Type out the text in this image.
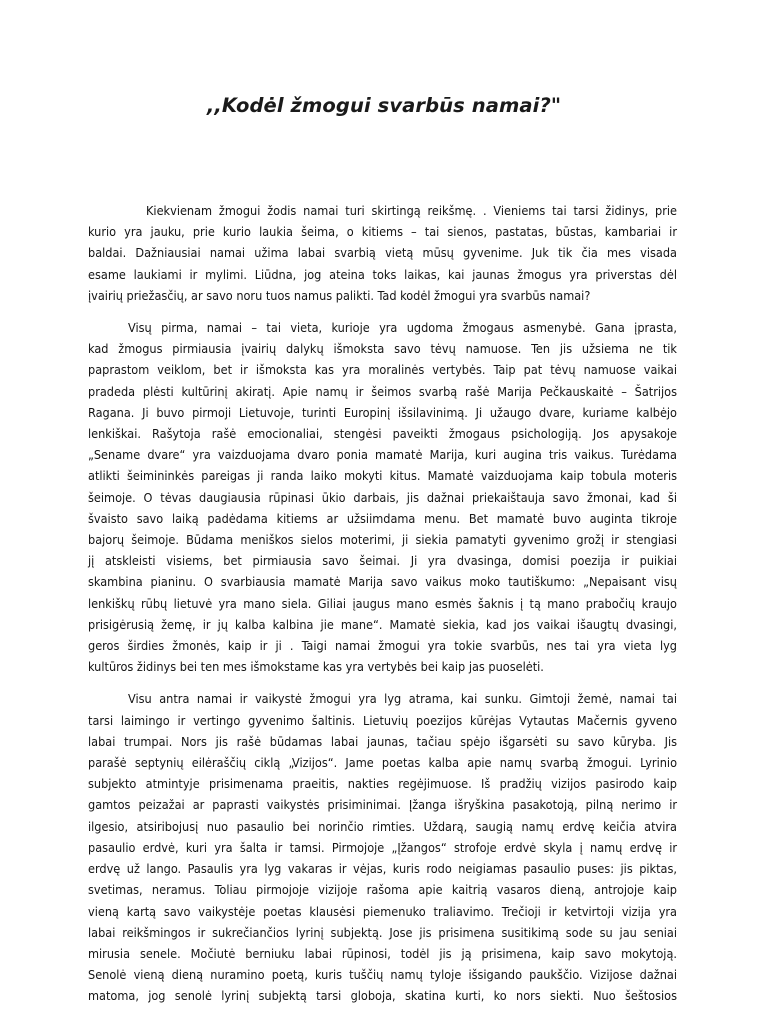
,,Kodėl žmogui svarbūs namai?"
Kiekvienam žmogui žodis namai turi skirtingą reikšmę. . Vieniems tai tarsi židinys, prie
kurio yra jauku, prie kurio laukia šeima, o kitiems – tai sienos, pastatas, būstas, kambariai ir
baldai. Dažniausiai namai užima labai svarbią vietą mūsų gyvenime. Juk tik čia mes visada
esame laukiami ir mylimi. Liūdna, jog ateina toks laikas, kai jaunas žmogus yra priverstas dėl
įvairių priežasčių, ar savo noru tuos namus palikti. Tad kodėl žmogui yra svarbūs namai?
Visų pirma, namai – tai vieta, kurioje yra ugdoma žmogaus asmenybė. Gana įprasta,
kad žmogus pirmiausia įvairių dalykų išmoksta savo tėvų namuose. Ten jis užsiema ne tik
paprastom veiklom, bet ir išmoksta kas yra moralinės vertybės. Taip pat tėvų namuose vaikai
pradeda plėsti kultūrinį akiratį. Apie namų ir šeimos svarbą rašė Marija Pečkauskaitė – Šatrijos
Ragana. Ji buvo pirmoji Lietuvoje, turinti Europinį išsilavinimą. Ji užaugo dvare, kuriame kalbėjo
lenkiškai. Rašytoja rašė emocionaliai, stengėsi paveikti žmogaus psichologiją. Jos apysakoje
„Sename dvare“ yra vaizduojama dvaro ponia mamatė Marija, kuri augina tris vaikus. Turėdama
atlikti šeimininkės pareigas ji randa laiko mokyti kitus. Mamatė vaizduojama kaip tobula moteris
šeimoje. O tėvas daugiausia rūpinasi ūkio darbais, jis dažnai priekaištauja savo žmonai, kad ši
švaisto savo laiką padėdama kitiems ar užsiimdama menu. Bet mamatė buvo auginta tikroje
bajorų šeimoje. Būdama meniškos sielos moterimi, ji siekia pamatyti gyvenimo grožį ir stengiasi
jį atskleisti visiems, bet pirmiausia savo šeimai. Ji yra dvasinga, domisi poezija ir puikiai
skambina pianinu. O svarbiausia mamatė Marija savo vaikus moko tautiškumo: „Nepaisant visų
lenkiškų rūbų lietuvė yra mano siela. Giliai įaugus mano esmės šaknis į tą mano prabočių kraujo
prisigėrusią žemę, ir jų kalba kalbina jie mane“. Mamatė siekia, kad jos vaikai išaugtų dvasingi,
geros širdies žmonės, kaip ir ji . Taigi namai žmogui yra tokie svarbūs, nes tai yra vieta lyg
kultūros židinys bei ten mes išmokstame kas yra vertybės bei kaip jas puoselėti.
Visu antra namai ir vaikystė žmogui yra lyg atrama, kai sunku. Gimtoji žemė, namai tai
tarsi laimingo ir vertingo gyvenimo šaltinis. Lietuvių poezijos kūrėjas Vytautas Mačernis gyveno
labai trumpai. Nors jis rašė būdamas labai jaunas, tačiau spėjo išgarsėti su savo kūryba. Jis
parašė septynių eilėraščių ciklą „Vizijos“. Jame poetas kalba apie namų svarbą žmogui. Lyrinio
subjekto atmintyje prisimenama praeitis, nakties regėjimuose. Iš pradžių vizijos pasirodo kaip
gamtos peizažai ar paprasti vaikystės prisiminimai. Įžanga išryškina pasakotoją, pilną nerimo ir
ilgesio, atsiribojusį nuo pasaulio bei norinčio rimties. Uždarą, saugią namų erdvę keičia atvira
pasaulio erdvė, kuri yra šalta ir tamsi. Pirmojoje „Įžangos“ strofoje erdvė skyla į namų erdvę ir
erdvę už lango. Pasaulis yra lyg vakaras ir vėjas, kuris rodo neigiamas pasaulio puses: jis piktas,
svetimas, neramus. Toliau pirmojoje vizijoje rašoma apie kaitrią vasaros dieną, antrojoje kaip
vieną kartą savo vaikystėje poetas klausėsi piemenuko traliavimo. Trečioji ir ketvirtoji vizija yra
labai reikšmingos ir sukrečiančios lyrinį subjektą. Jose jis prisimena susitikimą sode su jau seniai
mirusia senele. Močiutė berniuku labai rūpinosi, todėl jis ją prisimena, kaip savo mokytoją.
Senolė vieną dieną nuramino poetą, kuris tuščių namų tyloje išsigando paukščio. Vizijose dažnai
matoma, jog senolė lyrinį subjektą tarsi globoja, skatina kurti, ko nors siekti. Nuo šeštosios
